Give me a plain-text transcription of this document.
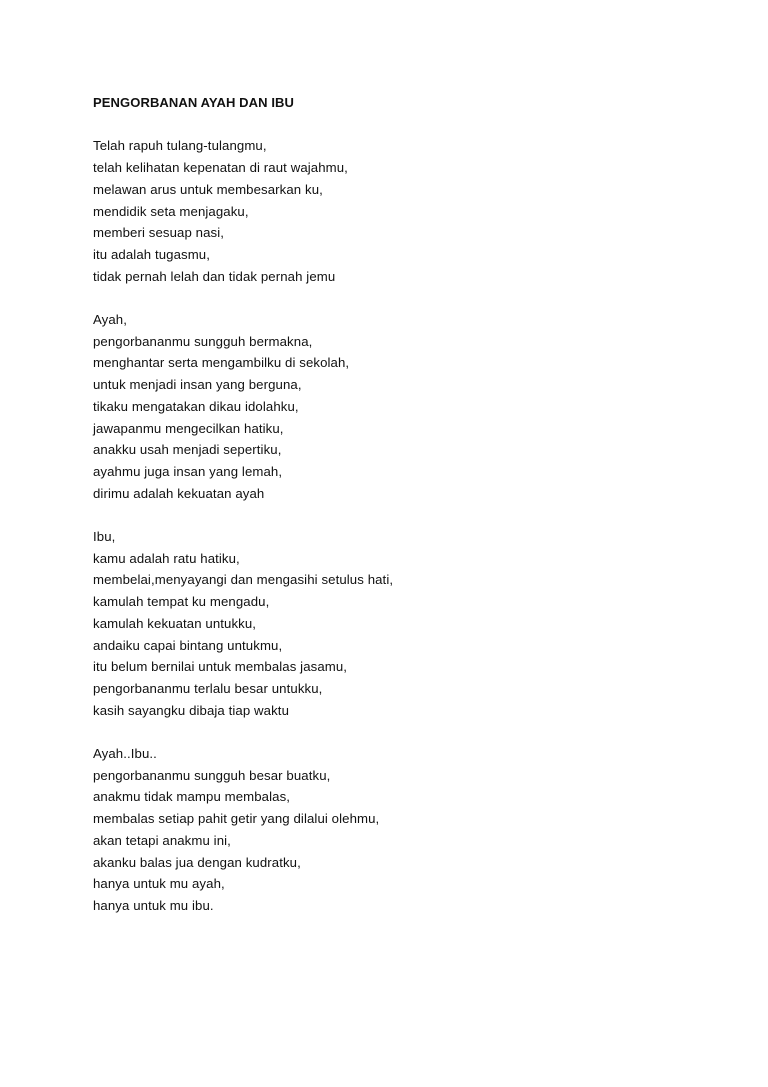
PENGORBANAN AYAH DAN IBU
Telah rapuh tulang-tulangmu,
telah kelihatan kepenatan di raut wajahmu,
melawan arus untuk membesarkan ku,
mendidik seta menjagaku,
memberi sesuap nasi,
itu adalah tugasmu,
tidak pernah lelah dan tidak pernah jemu
Ayah,
pengorbananmu sungguh bermakna,
menghantar serta mengambilku di sekolah,
untuk menjadi insan yang berguna,
tikaku mengatakan dikau idolahku,
jawapanmu mengecilkan hatiku,
anakku usah menjadi sepertiku,
ayahmu juga insan yang lemah,
dirimu adalah kekuatan ayah
Ibu,
kamu adalah ratu hatiku,
membelai,menyayangi dan mengasihi setulus hati,
kamulah tempat ku mengadu,
kamulah kekuatan untukku,
andaiku capai bintang untukmu,
itu belum bernilai untuk membalas jasamu,
pengorbananmu terlalu besar untukku,
kasih sayangku dibaja tiap waktu
Ayah..Ibu..
pengorbananmu sungguh besar buatku,
anakmu tidak mampu membalas,
membalas setiap pahit getir yang dilalui olehmu,
akan tetapi anakmu ini,
akanku balas jua dengan kudratku,
hanya untuk mu ayah,
hanya untuk mu ibu.
